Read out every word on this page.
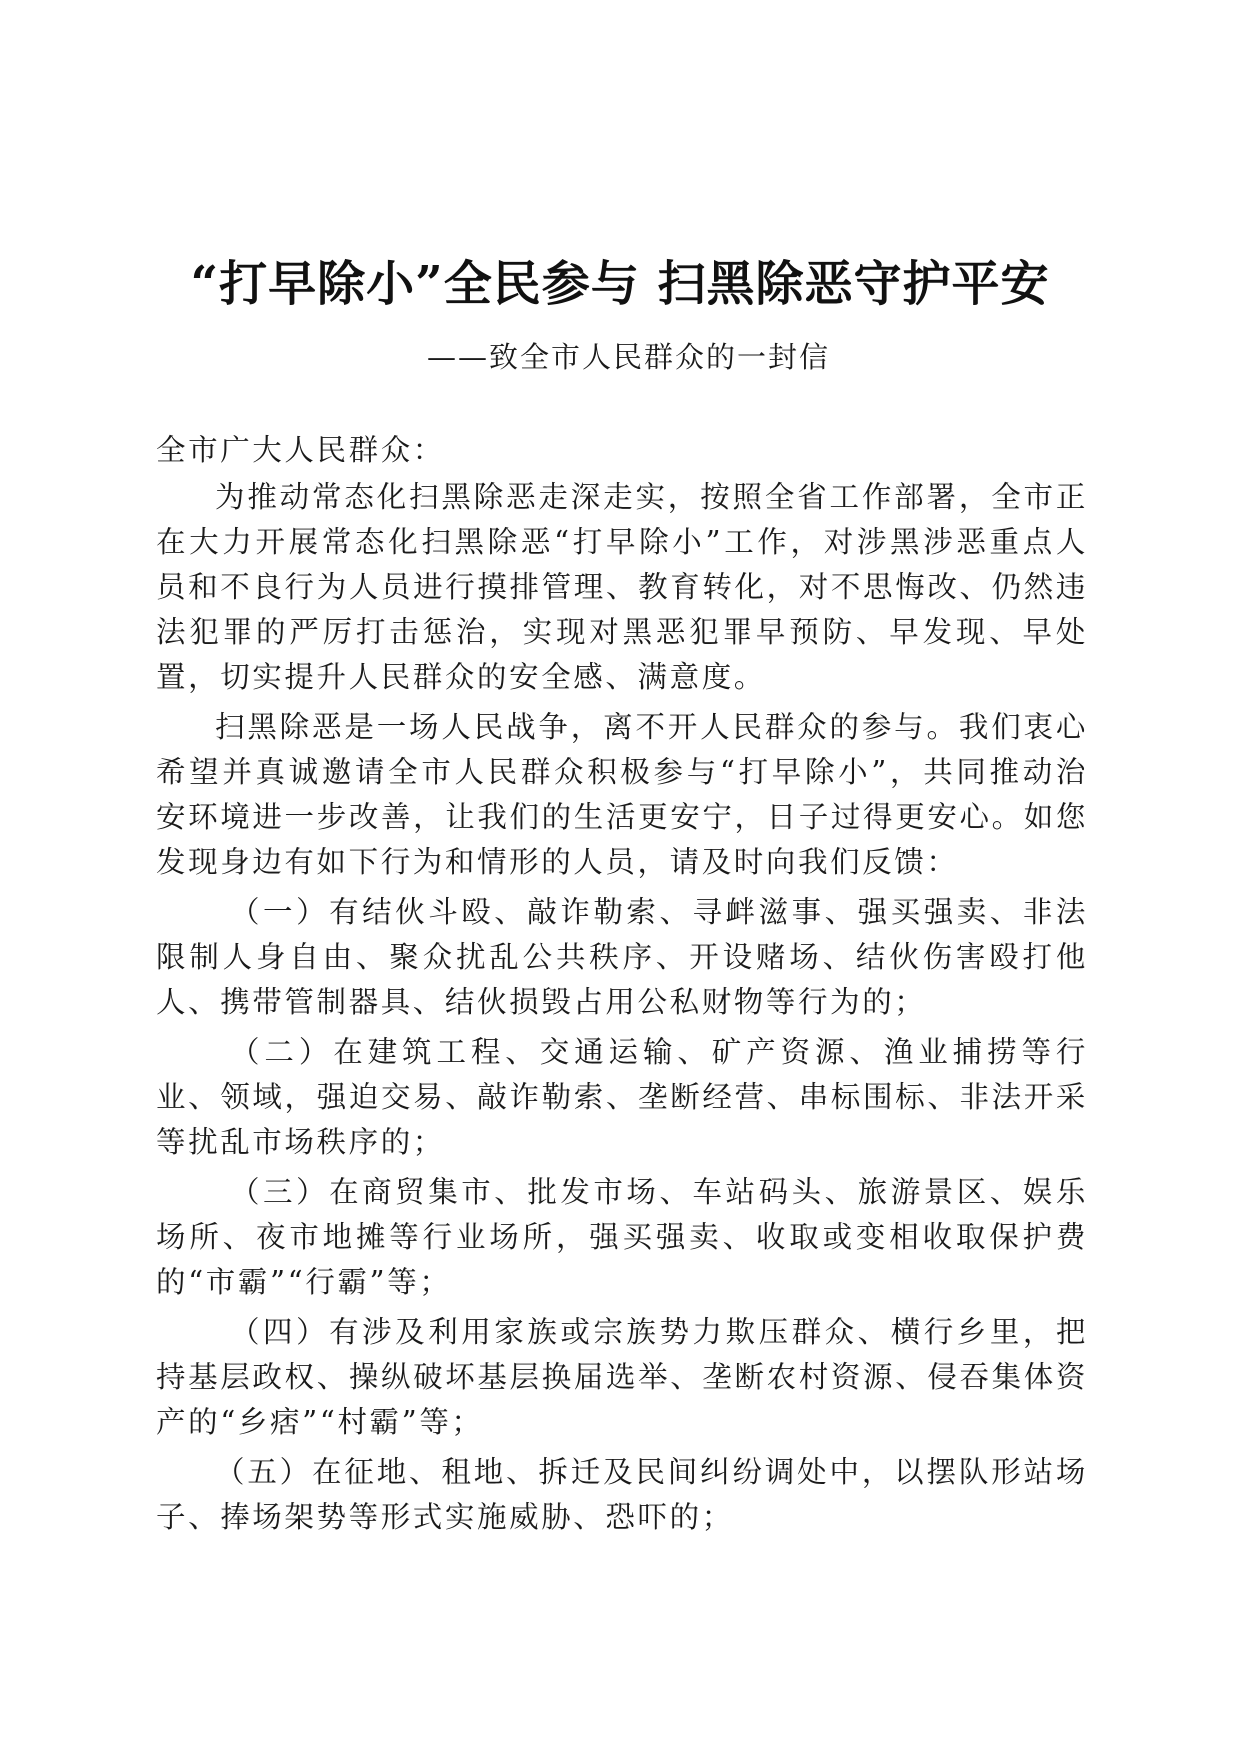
“打早除小”全民参与 扫黑除恶守护平安

——致全市人民群众的一封信

全市广大人民群众：

为推动常态化扫黑除恶走深走实，按照全省工作部署，全市正在大力开展常态化扫黑除恶“打早除小”工作，对涉黑涉恶重点人员和不良行为人员进行摸排管理、教育转化，对不思悔改、仍然违法犯罪的严厉打击惩治，实现对黑恶犯罪早预防、早发现、早处置，切实提升人民群众的安全感、满意度。

扫黑除恶是一场人民战争，离不开人民群众的参与。我们衷心希望并真诚邀请全市人民群众积极参与“打早除小”，共同推动治安环境进一步改善，让我们的生活更安宁，日子过得更安心。如您发现身边有如下行为和情形的人员，请及时向我们反馈：

（一）有结伙斗殴、敲诈勒索、寻衅滋事、强买强卖、非法限制人身自由、聚众扰乱公共秩序、开设赌场、结伙伤害殴打他人、携带管制器具、结伙损毁占用公私财物等行为的；

（二）在建筑工程、交通运输、矿产资源、渔业捕捞等行业、领域，强迫交易、敲诈勒索、垄断经营、串标围标、非法开采等扰乱市场秩序的；

（三）在商贸集市、批发市场、车站码头、旅游景区、娱乐场所、夜市地摊等行业场所，强买强卖、收取或变相收取保护费的“市霸”“行霸”等；

（四）有涉及利用家族或宗族势力欺压群众、横行乡里，把持基层政权、操纵破坏基层换届选举、垄断农村资源、侵吞集体资产的“乡痞”“村霸”等；

（五）在征地、租地、拆迁及民间纠纷调处中，以摆队形站场子、捧场架势等形式实施威胁、恐吓的；
